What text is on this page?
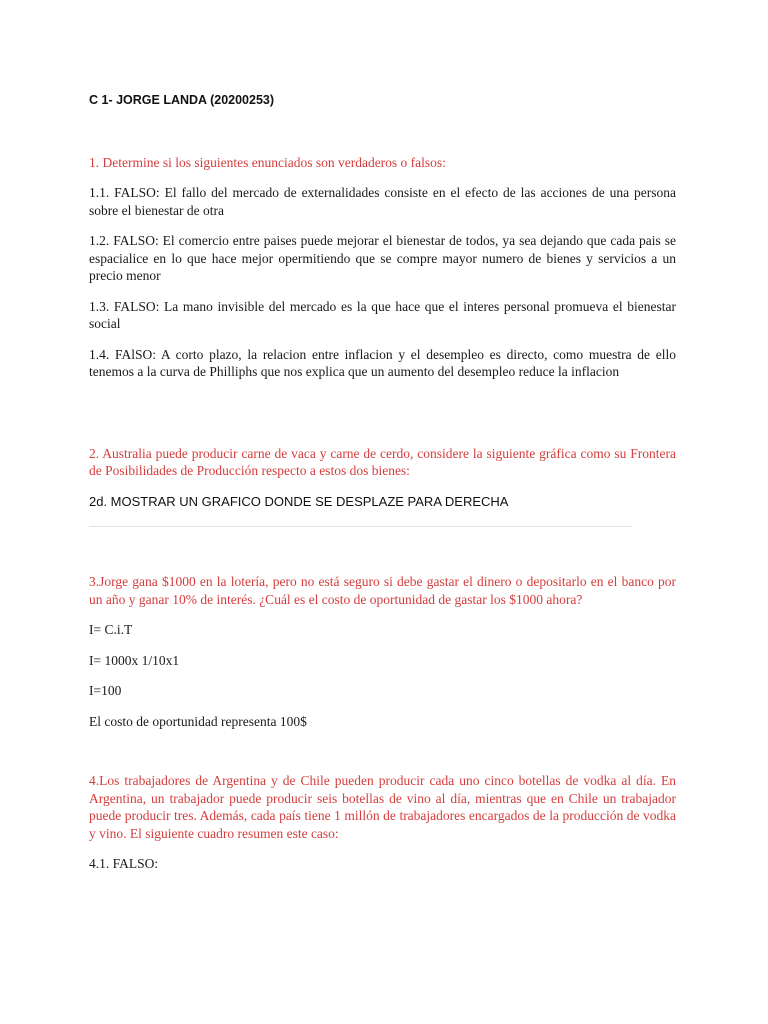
C 1- JORGE LANDA (20200253)

1. Determine si los siguientes enunciados son verdaderos o falsos:

1.1. FALSO: El fallo del mercado de externalidades consiste en el efecto de las acciones de una persona sobre el bienestar de otra

1.2. FALSO: El comercio entre paises puede mejorar el bienestar de todos, ya sea dejando que cada pais se espacialice en lo que hace mejor opermitiendo que se compre mayor numero de bienes y servicios a un precio menor

1.3. FALSO: La mano invisible del mercado es la que hace que el interes personal promueva el bienestar social

1.4. FAlSO: A corto plazo, la relacion entre inflacion y el desempleo es directo, como muestra de ello tenemos a la curva de Philliphs que nos explica que un aumento del desempleo reduce la inflacion

2. Australia puede producir carne de vaca y carne de cerdo, considere la siguiente gráfica como su Frontera de Posibilidades de Producción respecto a estos dos bienes:

2d. MOSTRAR UN GRAFICO DONDE SE DESPLAZE PARA DERECHA

3.Jorge gana $1000 en la lotería, pero no está seguro si debe gastar el dinero o depositarlo en el banco por un año y ganar 10% de interés. ¿Cuál es el costo de oportunidad de gastar los $1000 ahora?

I= C.i.T

I= 1000x 1/10x1

I=100

El costo de oportunidad representa 100$

4.Los trabajadores de Argentina y de Chile pueden producir cada uno cinco botellas de vodka al día. En Argentina, un trabajador puede producir seis botellas de vino al día, mientras que en Chile un trabajador puede producir tres. Además, cada país tiene 1 millón de trabajadores encargados de la producción de vodka y vino. El siguiente cuadro resumen este caso:

4.1. FALSO:
